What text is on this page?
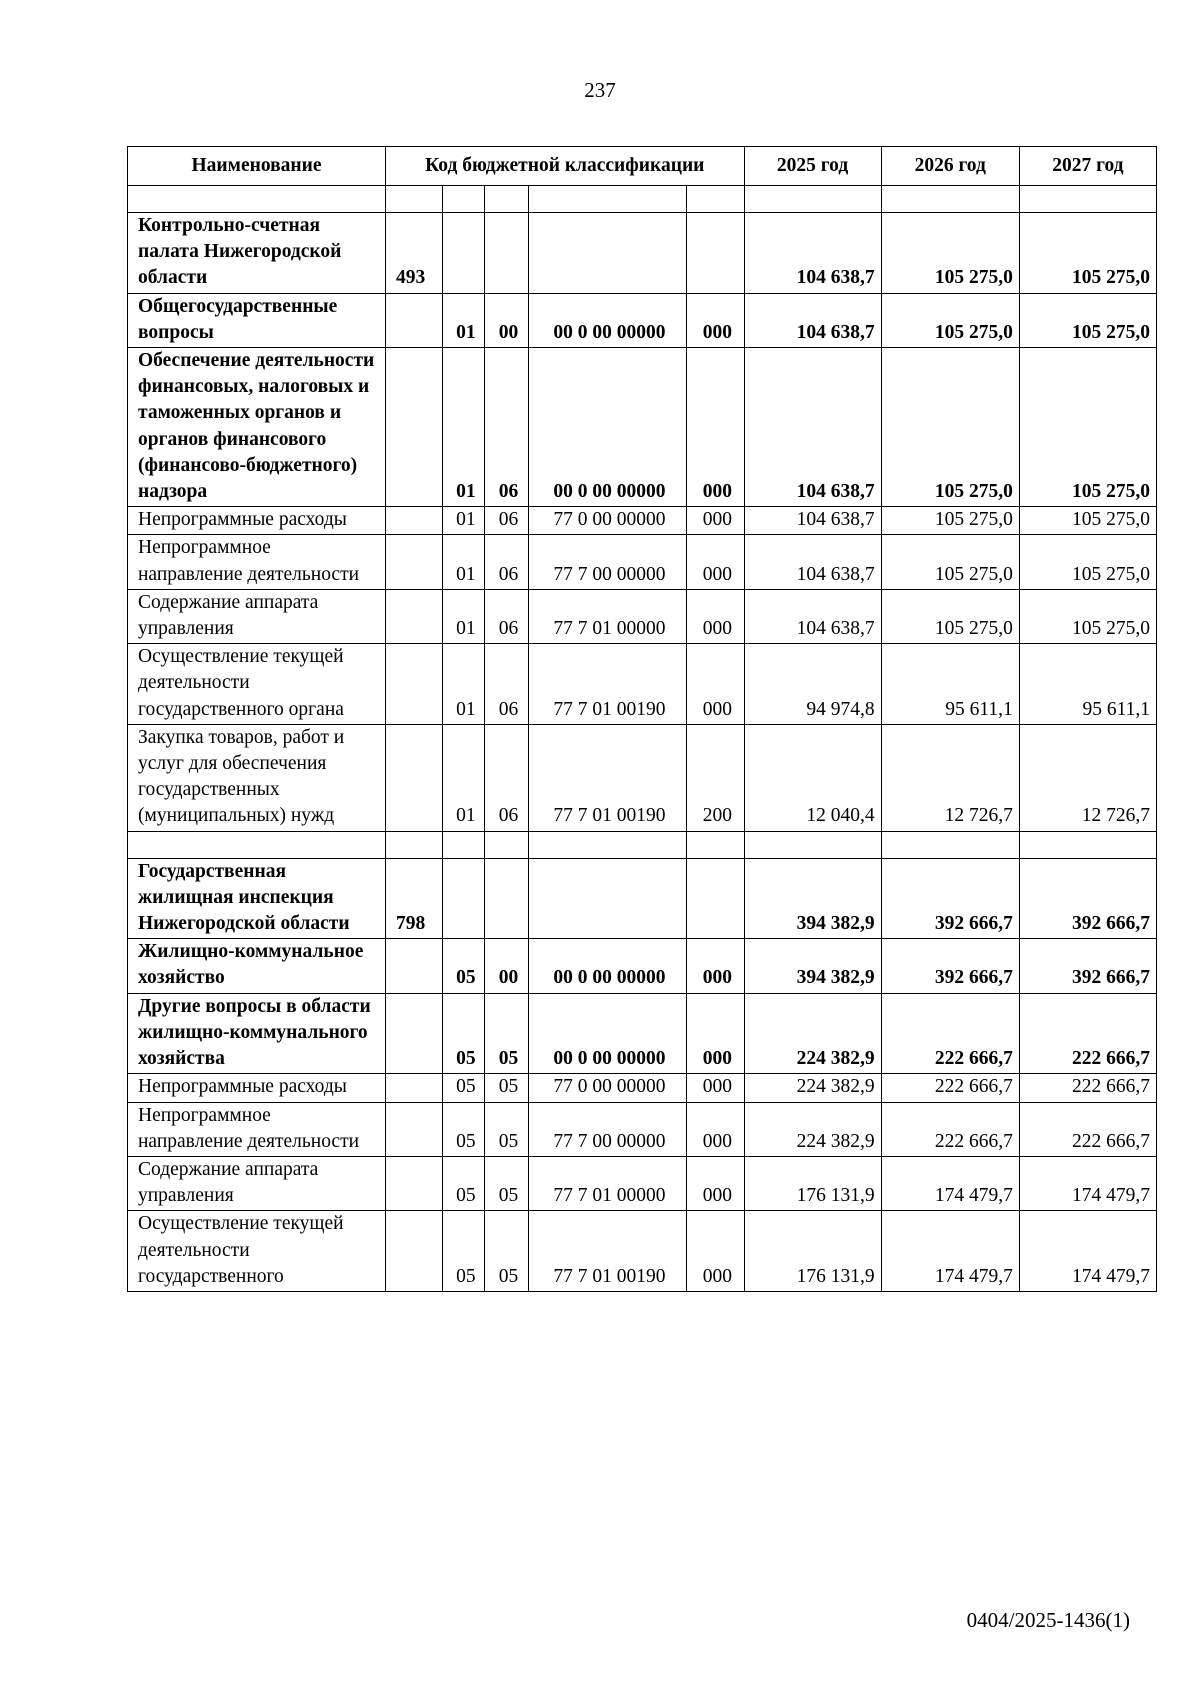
237
Наименование	Код бюджетной классификации					2025 год	2026 год	2027 год

Контрольно-счетная палата Нижегородской области	493					104 638,7	105 275,0	105 275,0
Общегосударственные вопросы		01	00	00 0 00 00000	000	104 638,7	105 275,0	105 275,0
Обеспечение деятельности финансовых, налоговых и таможенных органов и органов финансового (финансово-бюджетного) надзора		01	06	00 0 00 00000	000	104 638,7	105 275,0	105 275,0
Непрограммные расходы		01	06	77 0 00 00000	000	104 638,7	105 275,0	105 275,0
Непрограммное направление деятельности		01	06	77 7 00 00000	000	104 638,7	105 275,0	105 275,0
Содержание аппарата управления		01	06	77 7 01 00000	000	104 638,7	105 275,0	105 275,0
Осуществление текущей деятельности государственного органа		01	06	77 7 01 00190	000	94 974,8	95 611,1	95 611,1
Закупка товаров, работ и услуг для обеспечения государственных (муниципальных) нужд		01	06	77 7 01 00190	200	12 040,4	12 726,7	12 726,7

Государственная жилищная инспекция Нижегородской области	798					394 382,9	392 666,7	392 666,7
Жилищно-коммунальное хозяйство		05	00	00 0 00 00000	000	394 382,9	392 666,7	392 666,7
Другие вопросы в области жилищно-коммунального хозяйства		05	05	00 0 00 00000	000	224 382,9	222 666,7	222 666,7
Непрограммные расходы		05	05	77 0 00 00000	000	224 382,9	222 666,7	222 666,7
Непрограммное направление деятельности		05	05	77 7 00 00000	000	224 382,9	222 666,7	222 666,7
Содержание аппарата управления		05	05	77 7 01 00000	000	176 131,9	174 479,7	174 479,7
Осуществление текущей деятельности государственного		05	05	77 7 01 00190	000	176 131,9	174 479,7	174 479,7
0404/2025-1436(1)
